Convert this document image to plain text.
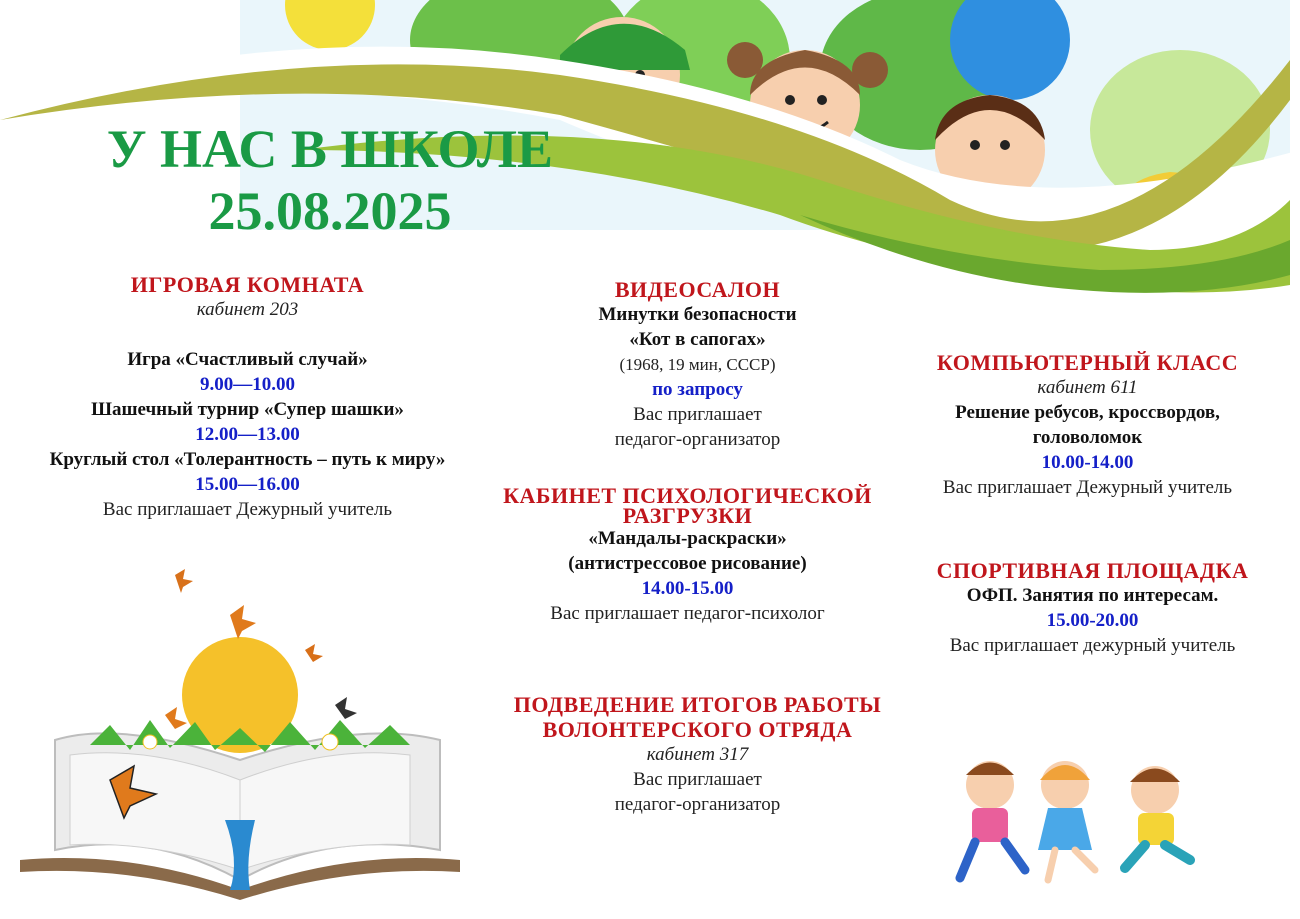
У НАС В ШКОЛЕ
25.08.2025
ИГРОВАЯ КОМНАТА
кабинет 203
Игра «Счастливый случай»
9.00—10.00
Шашечный турнир «Супер шашки»
12.00—13.00
Круглый стол «Толерантность – путь к миру»
15.00—16.00
Вас приглашает Дежурный учитель
ВИДЕОСАЛОН
Минутки безопасности
«Кот в сапогах»
(1968, 19 мин, СССР)
по запросу
Вас приглашает
педагог-организатор
КАБИНЕТ ПСИХОЛОГИЧЕСКОЙ
РАЗГРУЗКИ
«Мандалы-раскраски»
(антистрессовое рисование)
14.00-15.00
Вас приглашает педагог-психолог
ПОДВЕДЕНИЕ ИТОГОВ РАБОТЫ
ВОЛОНТЕРСКОГО ОТРЯДА
кабинет 317
Вас приглашает
педагог-организатор
КОМПЬЮТЕРНЫЙ КЛАСС
кабинет 611
Решение ребусов, кроссвордов,
головоломок
10.00-14.00
Вас приглашает Дежурный учитель
СПОРТИВНАЯ ПЛОЩАДКА
ОФП. Занятия по интересам.
15.00-20.00
Вас приглашает дежурный учитель
